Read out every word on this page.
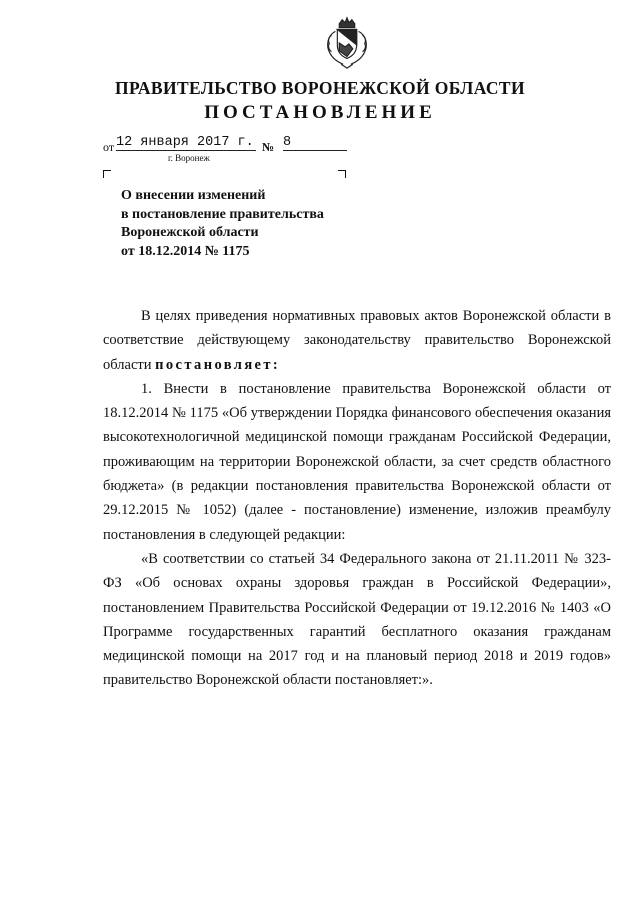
ПРАВИТЕЛЬСТВО ВОРОНЕЖСКОЙ ОБЛАСТИ
ПОСТАНОВЛЕНИЕ
от 12 января 2017 г. № 8
г. Воронеж
О внесении изменений
в постановление правительства
Воронежской области
от 18.12.2014 № 1175

В целях приведения нормативных правовых актов Воронежской области в соответствие действующему законодательству правительство Воронежской области постановляет:

1. Внести в постановление правительства Воронежской области от 18.12.2014 № 1175 «Об утверждении Порядка финансового обеспечения оказания высокотехнологичной медицинской помощи гражданам Российской Федерации, проживающим на территории Воронежской области, за счет средств областного бюджета» (в редакции постановления правительства Воронежской области от 29.12.2015 № 1052) (далее - постановление) изменение, изложив преамбулу постановления в следующей редакции:

«В соответствии со статьей 34 Федерального закона от 21.11.2011 № 323-ФЗ «Об основах охраны здоровья граждан в Российской Федерации», постановлением Правительства Российской Федерации от 19.12.2016 № 1403 «О Программе государственных гарантий бесплатного оказания гражданам медицинской помощи на 2017 год и на плановый период 2018 и 2019 годов» правительство Воронежской области постановляет:».
